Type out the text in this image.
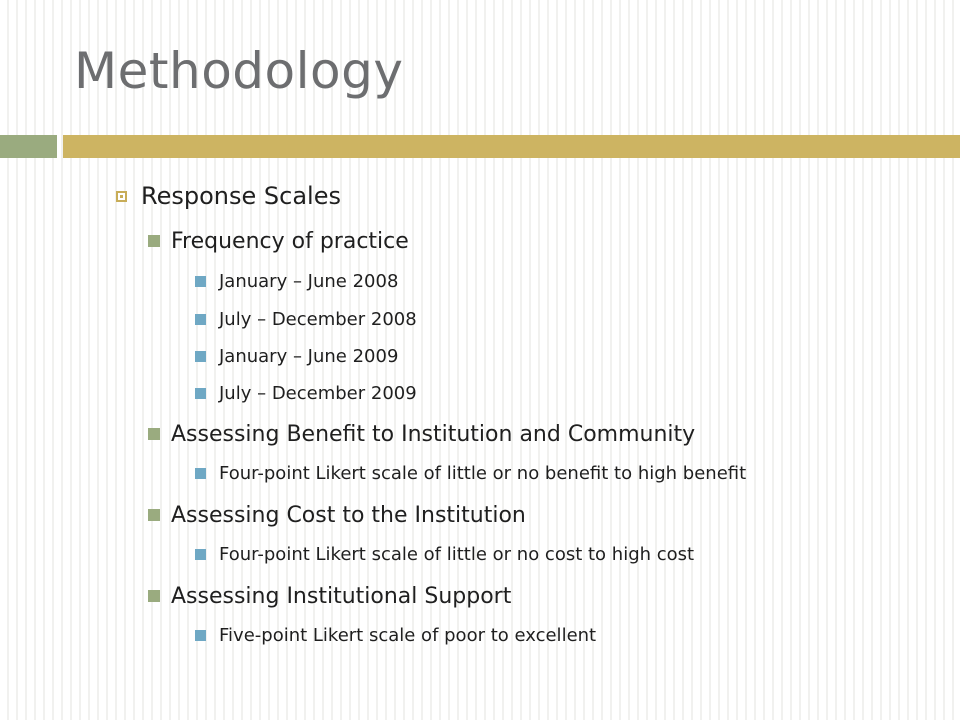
Methodology
Response Scales
Frequency of practice
January – June 2008
July – December 2008
January – June 2009
July – December 2009
Assessing Benefit to Institution and Community
Four-point Likert scale of little or no benefit to high benefit
Assessing Cost to the Institution
Four-point Likert scale of little or no cost to high cost
Assessing Institutional Support
Five-point Likert scale of poor to excellent
